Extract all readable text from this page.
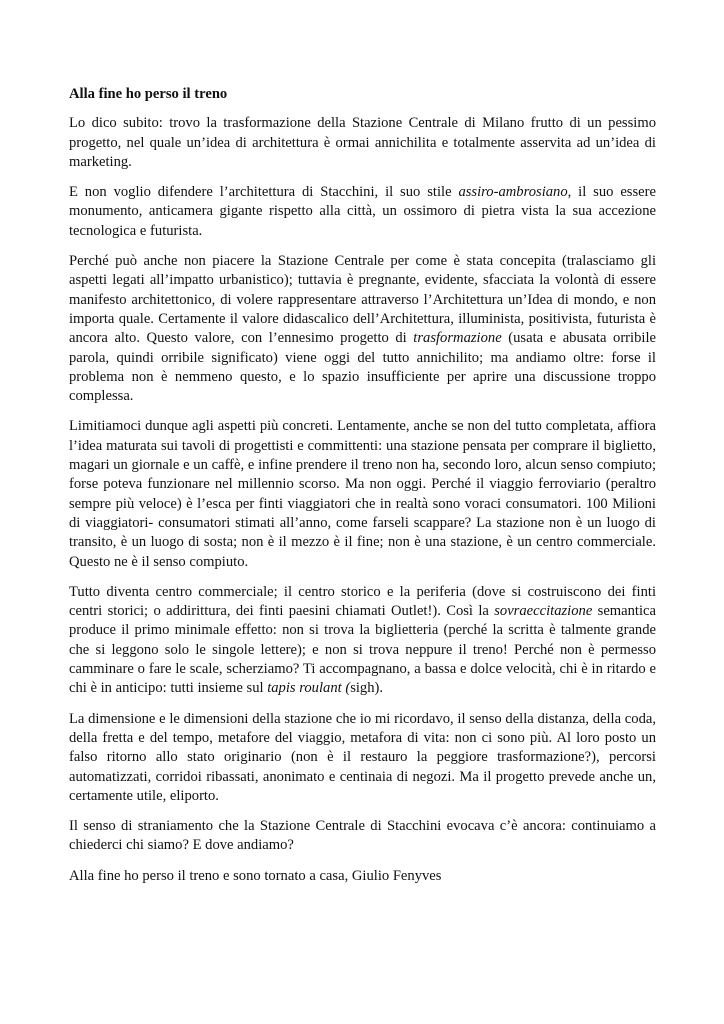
Alla fine ho perso il treno

Lo dico subito: trovo la trasformazione della Stazione Centrale di Milano frutto di un pessimo progetto, nel quale un’idea di architettura è ormai annichilita e totalmente asservita ad un’idea di marketing.

E non voglio difendere l’architettura di Stacchini, il suo stile assiro-ambrosiano, il suo essere monumento, anticamera gigante rispetto alla città, un ossimoro di pietra vista la sua accezione tecnologica e futurista.

Perché può anche non piacere la Stazione Centrale per come è stata concepita (tralasciamo gli aspetti legati all’impatto urbanistico); tuttavia è pregnante, evidente, sfacciata la volontà di essere manifesto architettonico, di volere rappresentare attraverso l’Architettura un’Idea di mondo, e non importa quale. Certamente il valore didascalico dell’Architettura, illuminista, positivista, futurista è ancora alto. Questo valore, con l’ennesimo progetto di trasformazione (usata e abusata orribile parola, quindi orribile significato) viene oggi del tutto annichilito; ma andiamo oltre: forse il problema non è nemmeno questo, e lo spazio insufficiente per aprire una discussione troppo complessa.

Limitiamoci dunque agli aspetti più concreti. Lentamente, anche se non del tutto completata, affiora l’idea maturata sui tavoli di progettisti e committenti: una stazione pensata per comprare il biglietto, magari un giornale e un caffè, e infine prendere il treno non ha, secondo loro, alcun senso compiuto; forse poteva funzionare nel millennio scorso. Ma non oggi. Perché il viaggio ferroviario (peraltro sempre più veloce) è l’esca per finti viaggiatori che in realtà sono voraci consumatori. 100 Milioni di viaggiatori- consumatori stimati all’anno, come farseli scappare? La stazione non è un luogo di transito, è un luogo di sosta; non è il mezzo è il fine; non è una stazione, è un centro commerciale. Questo ne è il senso compiuto.

Tutto diventa centro commerciale; il centro storico e la periferia (dove si costruiscono dei finti centri storici; o addirittura, dei finti paesini chiamati Outlet!). Così la sovraeccitazione semantica produce il primo minimale effetto: non si trova la biglietteria (perché la scritta è talmente grande che si leggono solo le singole lettere); e non si trova neppure il treno! Perché non è permesso camminare o fare le scale, scherziamo? Ti accompagnano, a bassa e dolce velocità, chi è in ritardo e chi è in anticipo: tutti insieme sul tapis roulant (sigh).

La dimensione e le dimensioni della stazione che io mi ricordavo, il senso della distanza, della coda, della fretta e del tempo, metafore del viaggio, metafora di vita: non ci sono più. Al loro posto un falso ritorno allo stato originario (non è il restauro la peggiore trasformazione?), percorsi automatizzati, corridoi ribassati, anonimato e centinaia di negozi. Ma il progetto prevede anche un, certamente utile, eliporto.

Il senso di straniamento che la Stazione Centrale di Stacchini evocava c’è ancora: continuiamo a chiederci chi siamo? E dove andiamo?

Alla fine ho perso il treno e sono tornato a casa, Giulio Fenyves
